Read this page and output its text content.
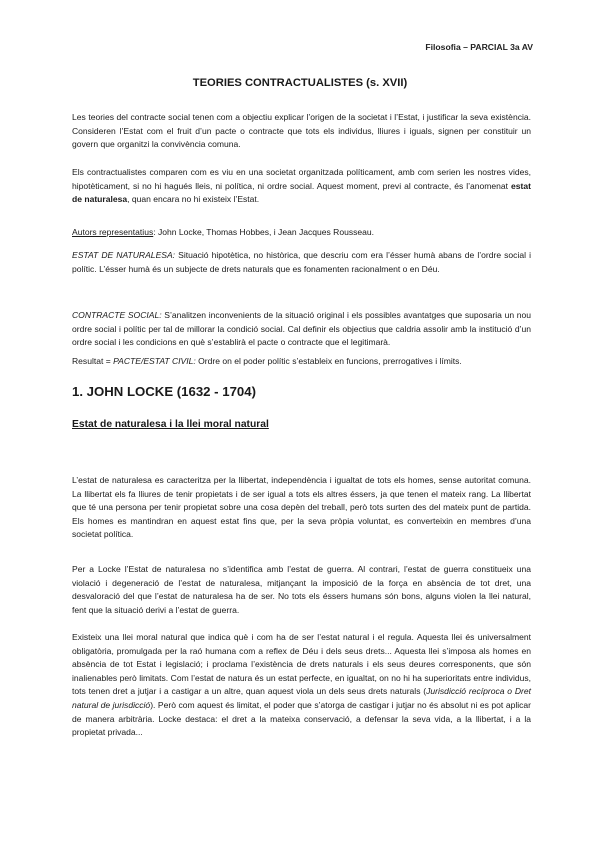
Filosofia – PARCIAL 3a AV
TEORIES CONTRACTUALISTES (s. XVII)

Les teories del contracte social tenen com a objectiu explicar l’origen de la societat i l’Estat, i justificar la seva existència. Consideren l’Estat com el fruit d’un pacte o contracte que tots els individus, lliures i iguals, signen per constituir un govern que organitzi la convivència comuna.

Els contractualistes comparen com es viu en una societat organitzada políticament, amb com serien les nostres vides, hipotèticament, si no hi hagués lleis, ni política, ni ordre social. Aquest moment, previ al contracte, és l’anomenat estat de naturalesa, quan encara no hi existeix l’Estat.

Autors representatius: John Locke, Thomas Hobbes, i Jean Jacques Rousseau.

ESTAT DE NATURALESA: Situació hipotètica, no històrica, que descriu com era l’ésser humà abans de l’ordre social i polític. L’ésser humà és un subjecte de drets naturals que es fonamenten racionalment o en Déu.

CONTRACTE SOCIAL: S’analitzen inconvenients de la situació original i els possibles avantatges que suposaria un nou ordre social i polític per tal de millorar la condició social. Cal definir els objectius que caldria assolir amb la institució d’un ordre social i les condicions en què s’establirà el pacte o contracte que el legitimarà.

Resultat = PACTE/ESTAT CIVIL: Ordre on el poder polític s’estableix en funcions, prerrogatives i límits.

1. JOHN LOCKE (1632 - 1704)
Estat de naturalesa i la llei moral natural

L’estat de naturalesa es caracteritza per la llibertat, independència i igualtat de tots els homes, sense autoritat comuna. La llibertat els fa lliures de tenir propietats i de ser igual a tots els altres éssers, ja que tenen el mateix rang. La llibertat que té una persona per tenir propietat sobre una cosa depèn del treball, però tots surten des del mateix punt de partida. Els homes es mantindran en aquest estat fins que, per la seva pròpia voluntat, es converteixin en membres d’una societat política.

Per a Locke l’Estat de naturalesa no s’identifica amb l’estat de guerra. Al contrari, l’estat de guerra constitueix una violació i degeneració de l’estat de naturalesa, mitjançant la imposició de la força en absència de tot dret, una desvaloració del que l’estat de naturalesa ha de ser. No tots els éssers humans són bons, alguns violen la llei natural, fent que la situació derivi a l’estat de guerra.

Existeix una llei moral natural que indica què i com ha de ser l’estat natural i el regula. Aquesta llei és universalment obligatòria, promulgada per la raó humana com a reflex de Déu i dels seus drets... Aquesta llei s’imposa als homes en absència de tot Estat i legislació; i proclama l’existència de drets naturals i els seus deures corresponents, que són inalienables però limitats. Com l’estat de natura és un estat perfecte, en igualtat, on no hi ha superioritats entre individus, tots tenen dret a jutjar i a castigar a un altre, quan aquest viola un dels seus drets naturals (Jurisdicció recíproca o Dret natural de jurisdicció). Però com aquest és limitat, el poder que s’atorga de castigar i jutjar no és absolut ni es pot aplicar de manera arbitrària. Locke destaca: el dret a la mateixa conservació, a defensar la seva vida, a la llibertat, i a la propietat privada...
